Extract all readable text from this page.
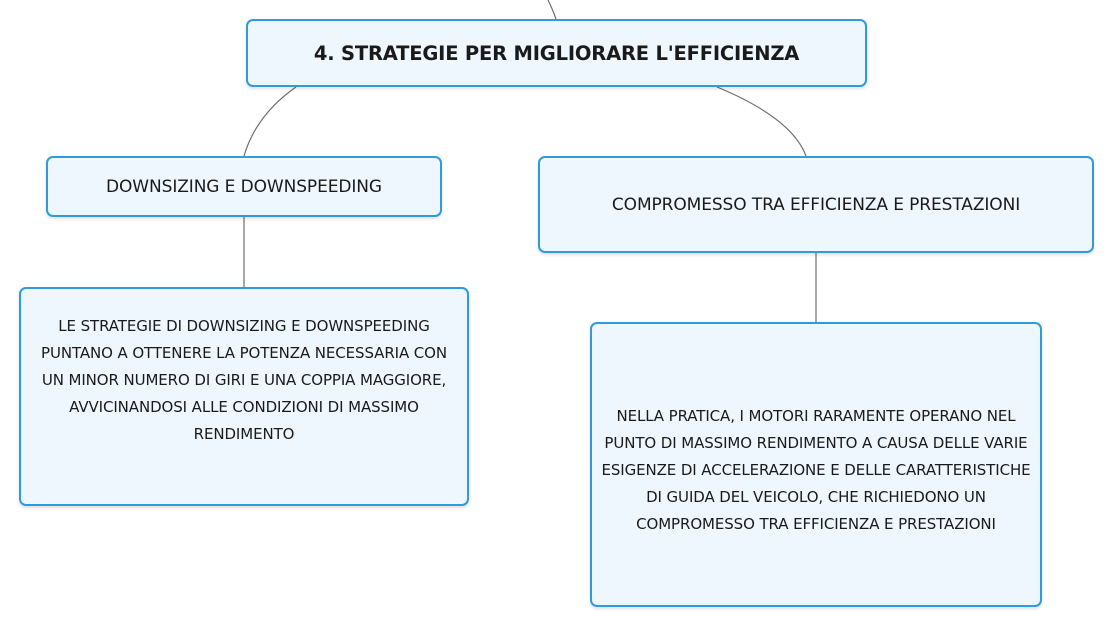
4. STRATEGIE PER MIGLIORARE L'EFFICIENZA
DOWNSIZING E DOWNSPEEDING
COMPROMESSO TRA EFFICIENZA E PRESTAZIONI
LE STRATEGIE DI DOWNSIZING E DOWNSPEEDING PUNTANO A OTTENERE LA POTENZA NECESSARIA CON UN MINOR NUMERO DI GIRI E UNA COPPIA MAGGIORE, AVVICINANDOSI ALLE CONDIZIONI DI MASSIMO RENDIMENTO
NELLA PRATICA, I MOTORI RARAMENTE OPERANO NEL PUNTO DI MASSIMO RENDIMENTO A CAUSA DELLE VARIE ESIGENZE DI ACCELERAZIONE E DELLE CARATTERISTICHE DI GUIDA DEL VEICOLO, CHE RICHIEDONO UN COMPROMESSO TRA EFFICIENZA E PRESTAZIONI
